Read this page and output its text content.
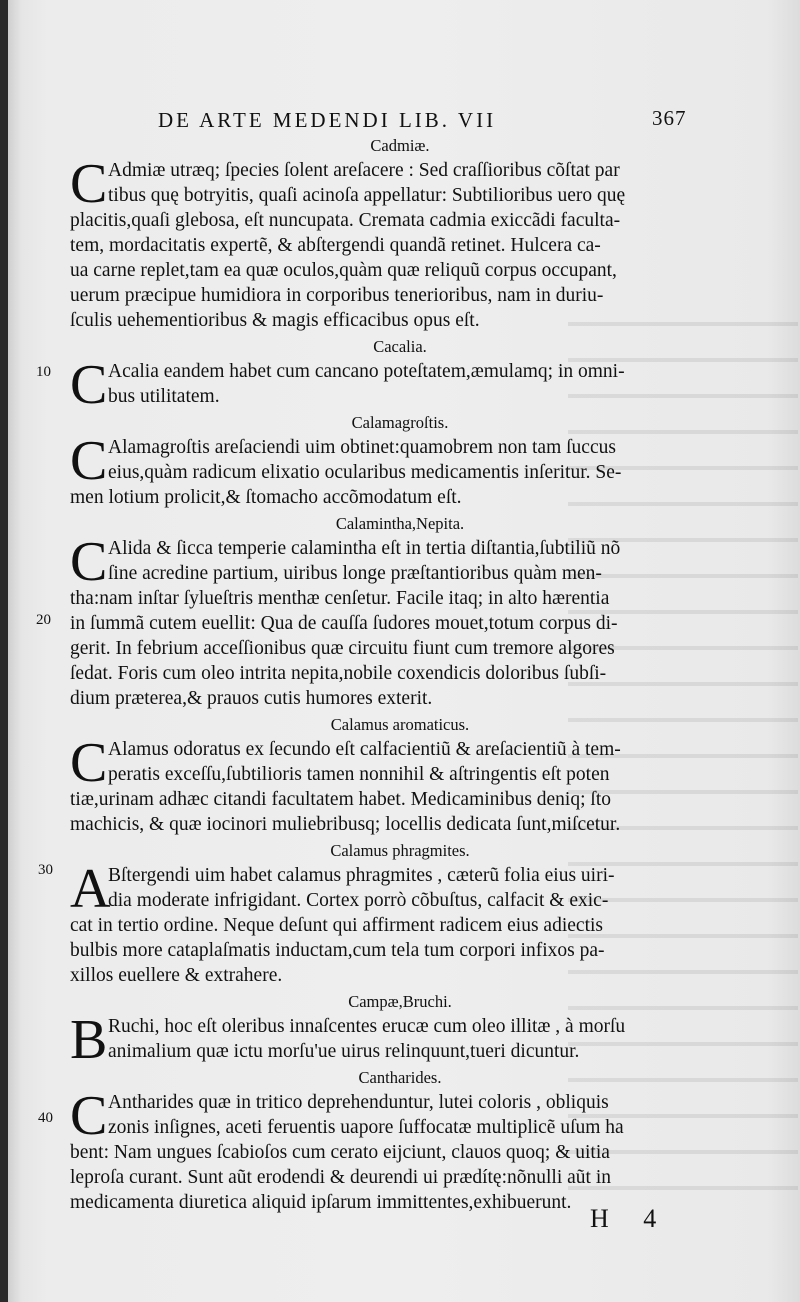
DE ARTE MEDENDI LIB. VII	367
10
20
30
40
Cadmiæ.
C Admiæ utræq; ſpecies ſolent areſacere : Sed craſſioribus cõſtat par
tibus quę botryitis, quaſi acinoſa appellatur: Subtilioribus uero quę
placitis,quaſi glebosa, eſt nuncupata. Cremata cadmia exiccãdi faculta-
tem, mordacitatis expertẽ, & abſtergendi quandã retinet. Hulcera ca-
ua carne replet,tam ea quæ oculos,quàm quæ reliquũ corpus occupant,
uerum præcipue humidiora in corporibus tenerioribus, nam in duriu-
ſculis uehementioribus & magis efficacibus opus eſt.
Cacalia.
C Acalia eandem habet cum cancano poteſtatem,æmulamq; in omni-
bus utilitatem.
Calamagroſtis.
C Alamagroſtis areſaciendi uim obtinet:quamobrem non tam ſuccus
eius,quàm radicum elixatio ocularibus medicamentis inſeritur. Se-
men lotium prolicit,& ſtomacho accõmodatum eſt.
Calamintha,Nepita.
C Alida & ſicca temperie calamintha eſt in tertia diſtantia,ſubtiliũ nõ
ſine acredine partium, uiribus longe præſtantioribus quàm men-
tha:nam inſtar ſylueſtris menthæ cenſetur. Facile itaq; in alto hærentia
in ſummã cutem euellit: Qua de cauſſa ſudores mouet,totum corpus di-
gerit. In febrium acceſſionibus quæ circuitu fiunt cum tremore algores
ſedat. Foris cum oleo intrita nepita,nobile coxendicis doloribus ſubſi-
dium præterea,& prauos cutis humores exterit.
Calamus aromaticus.
C Alamus odoratus ex ſecundo eſt calfacientiũ & areſacientiũ à tem-
peratis exceſſu,ſubtilioris tamen nonnihil & aſtringentis eſt poten
tiæ,urinam adhæc citandi facultatem habet. Medicaminibus deniq; ſto
machicis, & quæ iocinori muliebribusq; locellis dedicata ſunt,miſcetur.
Calamus phragmites.
A
Bſtergendi uim habet calamus phragmites , cæterũ folia eius uiri-
dia moderate infrigidant. Cortex porrò cõbuſtus, calfacit & exic-
cat in tertio ordine. Neque deſunt qui affirment radicem eius adiectis
bulbis more cataplaſmatis inductam,cum tela tum corpori infixos pa-
xillos euellere & extrahere.
Campæ,Bruchi.
B Ruchi, hoc eſt oleribus innaſcentes erucæ cum oleo illitæ , à morſu
animalium quæ ictu morſu'ue uirus relinquunt,tueri dicuntur.
Cantharides.
C Antharides quæ in tritico deprehenduntur, lutei coloris , obliquis
zonis inſignes, aceti feruentis uapore ſuffocatæ multiplicẽ uſum ha
bent: Nam ungues ſcabioſos cum cerato eijciunt, clauos quoq; & uitia
leproſa curant. Sunt aũt erodendi & deurendi ui prædítę:nõnulli aũt in
medicamenta diuretica aliquid ipſarum immittentes,exhibuerunt.
H 4
